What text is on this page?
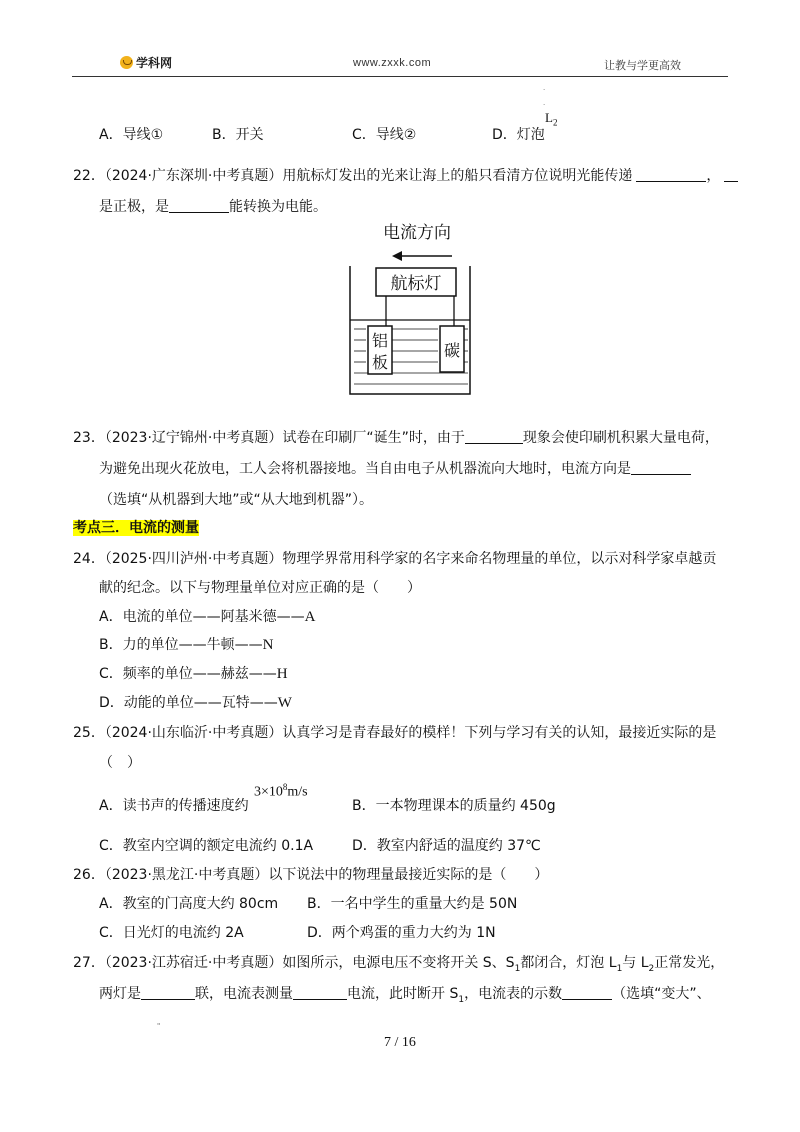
学科网	www.zxxk.com	让教与学更高效
·
·
A．导线①	B．开关	C．导线②	D．灯泡
$L_2$
22．（2024·广东深圳·中考真题）用航标灯发出的光来让海上的船只看清方位说明光能传递	，
是正极，是	能转换为电能。
电流方向
航标灯
铝
板
碳
23．（2023·辽宁锦州·中考真题）试卷在印刷厂“诞生”时，由于	现象会使印刷机积累大量电荷，
为避免出现火花放电，工人会将机器接地。当自由电子从机器流向大地时，电流方向是
（选填“从机器到大地”或“从大地到机器”）。
考点三．电流的测量
24．（2025·四川泸州·中考真题）物理学界常用科学家的名字来命名物理量的单位，以示对科学家卓越贡
献的纪念。以下与物理量单位对应正确的是（　　）
A．电流的单位——阿基米德——A
B．力的单位——牛顿——N
C．频率的单位——赫兹——H
D．动能的单位——瓦特——W
25．（2024·山东临沂·中考真题）认真学习是青春最好的模样！下列与学习有关的认知，最接近实际的是
（　）
A．读书声的传播速度约
$3\times 10^8m/s$
B．一本物理课本的质量约 450g
C．教室内空调的额定电流约 0.1A	D．教室内舒适的温度约 37℃
26．（2023·黑龙江·中考真题）以下说法中的物理量最接近实际的是（　　）
A．教室的门高度大约 80cm B．一名中学生的重量大约是 50N
C．日光灯的电流约 2A	D．两个鸡蛋的重力大约为 1N
27．（2023·江苏宿迁·中考真题）如图所示，电源电压不变将开关 S、$S_1$都闭合，灯泡 $L_1$与 $L_2$正常发光，
两灯是	联，电流表测量	电流，此时断开 $S_1$，电流表的示数	（选填“变大”、
"
7 / 16
